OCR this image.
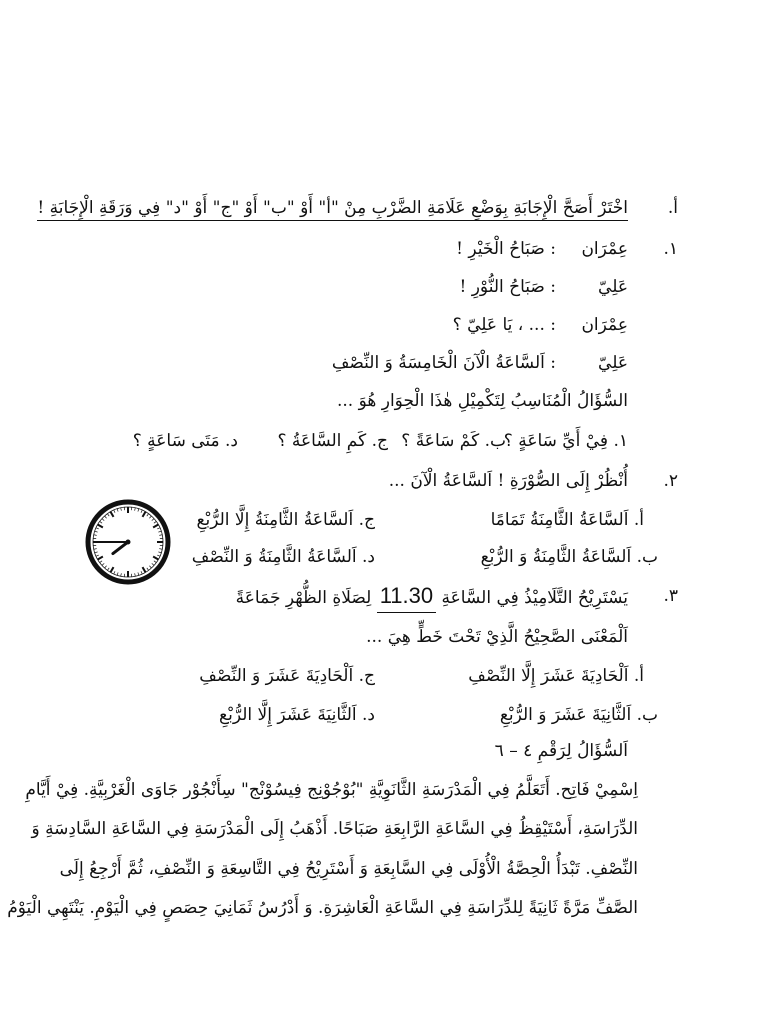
أ.
اخْتَرْ أَصَحَّ الْإِجَابَةِ بِوَضْعِ عَلَامَةِ الضَّرْبِ مِنْ "أ" أَوْ "ب" أَوْ "ج" أَوْ "د" فِي وَرَقَةِ الْإِجَابَةِ !
١.
عِمْرَان: صَبَاحُ الْخَيْرِ !
عَلِيّ: صَبَاحُ النُّوْرِ !
عِمْرَان: ... ، يَا عَلِيّ ؟
عَلِيّ: اَلسَّاعَةُ الْآنَ الْخَامِسَةُ وَ النِّصْفِ
السُّؤَالُ الْمُنَاسِبُ لِتَكْمِيْلِ هٰذَا الْحِوَارِ هُوَ ...
١. فِيْ أَيِّ سَاعَةٍ ؟
ب. كَمْ سَاعَةً ؟
ج. كَمِ السَّاعَةُ ؟
د. مَتَى سَاعَةٍ ؟
٢.
أُنْظُرْ إِلَى الصُّوْرَةِ ! اَلسَّاعَةُ الْآنَ ...
أ. اَلسَّاعَةُ الثَّامِنَةُ تَمَامًا
ج. اَلسَّاعَةُ الثَّامِنَةُ إِلَّا الرُّبْعِ
ب. اَلسَّاعَةُ الثَّامِنَةُ وَ الرُّبْعِ
د. اَلسَّاعَةُ الثَّامِنَةُ وَ النِّصْفِ
٣.
يَسْتَرِيْحُ التَّلَامِيْذُ فِي السَّاعَةِ 11.30 لِصَلَاةِ الظُّهْرِ جَمَاعَةً
اَلْمَعْنَى الصَّحِيْحُ الَّذِيْ تَحْتَ خَطٍّ هِيَ ...
أ. اَلْحَادِيَةَ عَشَرَ إِلَّا النِّصْفِ
ج. اَلْحَادِيَةَ عَشَرَ وَ النِّصْفِ
ب. اَلثَّانِيَةَ عَشَرَ وَ الرُّبْعِ
د. اَلثَّانِيَةَ عَشَرَ إِلَّا الرُّبْعِ
اَلسُّؤَالُ لِرَقْمِ ٤ – ٦
اِسْمِيْ فَاتِح. أَتَعَلَّمُ فِي الْمَدْرَسَةِ الثَّانَوِيَّةِ "بُوْجُوْنِج فِيسُوْنْج" سِأَنْجُوْر جَاوَى الْغَرْبِيَّةِ. فِيْ أَيَّامِ
الدِّرَاسَةِ، أَسْتَيْقِظُ فِي السَّاعَةِ الرَّابِعَةِ صَبَاحًا. أَذْهَبُ إِلَى الْمَدْرَسَةِ فِي السَّاعَةِ السَّادِسَةِ وَ
النِّصْفِ. تَبْدَأُ الْحِصَّةُ الْأُوْلَى فِي السَّابِعَةِ وَ أَسْتَرِيْحُ فِي التَّاسِعَةِ وَ النِّصْفِ، ثُمَّ أَرْجِعُ إِلَى
الصَّفِّ مَرَّةً ثَانِيَةً لِلدِّرَاسَةِ فِي السَّاعَةِ الْعَاشِرَةِ. وَ أَدْرُسُ ثَمَانِيَ حِصَصٍ فِي الْيَوْمِ. يَنْتَهِي الْيَوْمُ
